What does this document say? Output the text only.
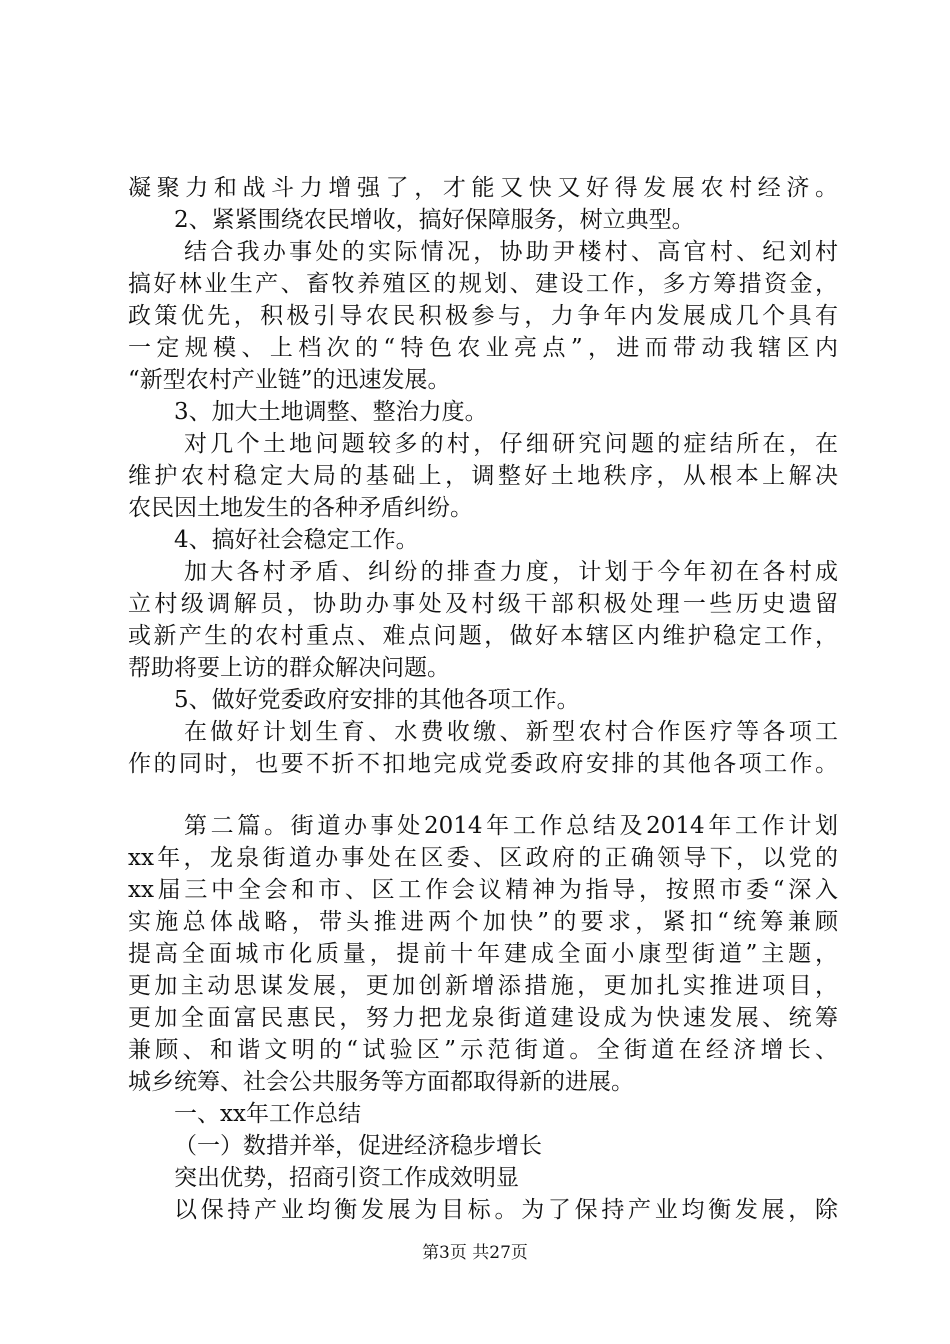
凝聚力和战斗力增强了，才能又快又好得发展农村经济。
2、紧紧围绕农民增收，搞好保障服务，树立典型。
结合我办事处的实际情况，协助尹楼村、高官村、纪刘村
搞好林业生产、畜牧养殖区的规划、建设工作，多方筹措资金，
政策优先，积极引导农民积极参与，力争年内发展成几个具有
一定规模、上档次的“特色农业亮点”，进而带动我辖区内
“新型农村产业链”的迅速发展。
3、加大土地调整、整治力度。
对几个土地问题较多的村，仔细研究问题的症结所在，在
维护农村稳定大局的基础上，调整好土地秩序，从根本上解决
农民因土地发生的各种矛盾纠纷。
4、搞好社会稳定工作。
加大各村矛盾、纠纷的排查力度，计划于今年初在各村成
立村级调解员，协助办事处及村级干部积极处理一些历史遗留
或新产生的农村重点、难点问题，做好本辖区内维护稳定工作，
帮助将要上访的群众解决问题。
5、做好党委政府安排的其他各项工作。
在做好计划生育、水费收缴、新型农村合作医疗等各项工
作的同时，也要不折不扣地完成党委政府安排的其他各项工作。
第二篇。街道办事处2014年工作总结及2014年工作计划
xx年，龙泉街道办事处在区委、区政府的正确领导下，以党的
xx届三中全会和市、区工作会议精神为指导，按照市委“深入
实施总体战略，带头推进两个加快”的要求，紧扣“统筹兼顾
提高全面城市化质量，提前十年建成全面小康型街道”主题，
更加主动思谋发展，更加创新增添措施，更加扎实推进项目，
更加全面富民惠民，努力把龙泉街道建设成为快速发展、统筹
兼顾、和谐文明的“试验区”示范街道。全街道在经济增长、
城乡统筹、社会公共服务等方面都取得新的进展。
一、xx年工作总结
（一）数措并举，促进经济稳步增长
突出优势，招商引资工作成效明显
以保持产业均衡发展为目标。为了保持产业均衡发展，除
第3页 共27页
